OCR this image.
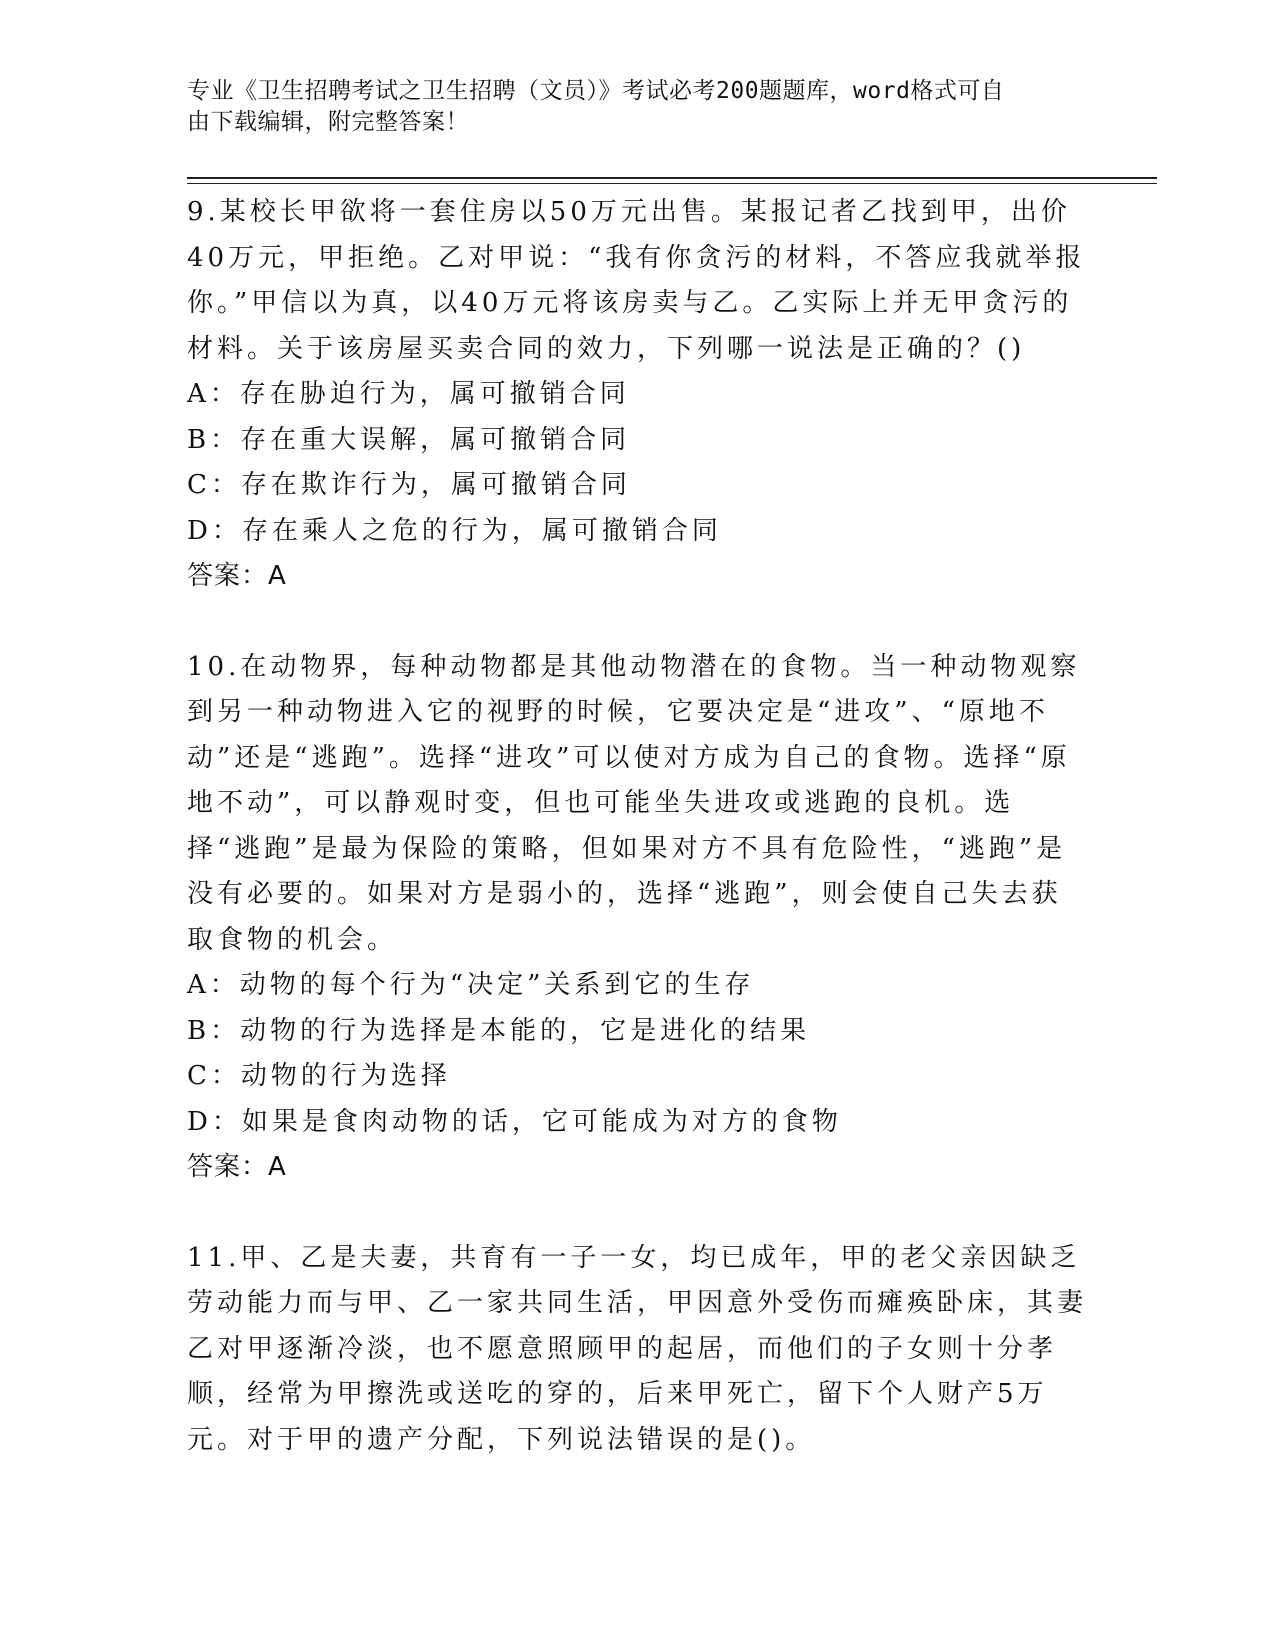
专业《卫生招聘考试之卫生招聘（文员）》考试必考200题题库，word格式可自
由下载编辑，附完整答案！

9.某校长甲欲将一套住房以50万元出售。某报记者乙找到甲，出价40万元，甲拒绝。乙对甲说：“我有你贪污的材料，不答应我就举报你。”甲信以为真，以40万元将该房卖与乙。乙实际上并无甲贪污的材料。关于该房屋买卖合同的效力，下列哪一说法是正确的？()

A：存在胁迫行为，属可撤销合同

B：存在重大误解，属可撤销合同

C：存在欺诈行为，属可撤销合同

D：存在乘人之危的行为，属可撤销合同

答案：A

10.在动物界，每种动物都是其他动物潜在的食物。当一种动物观察到另一种动物进入它的视野的时候，它要决定是“进攻”、“原地不动”还是“逃跑”。选择“进攻”可以使对方成为自己的食物。选择“原地不动”，可以静观时变，但也可能坐失进攻或逃跑的良机。选择“逃跑”是最为保险的策略，但如果对方不具有危险性，“逃跑”是没有必要的。如果对方是弱小的，选择“逃跑”，则会使自己失去获取食物的机会。

A：动物的每个行为“决定”关系到它的生存

B：动物的行为选择是本能的，它是进化的结果

C：动物的行为选择

D：如果是食肉动物的话，它可能成为对方的食物

答案：A

11.甲、乙是夫妻，共育有一子一女，均已成年，甲的老父亲因缺乏劳动能力而与甲、乙一家共同生活，甲因意外受伤而瘫痪卧床，其妻乙对甲逐渐冷淡，也不愿意照顾甲的起居，而他们的子女则十分孝顺，经常为甲擦洗或送吃的穿的，后来甲死亡，留下个人财产5万元。对于甲的遗产分配，下列说法错误的是()。
